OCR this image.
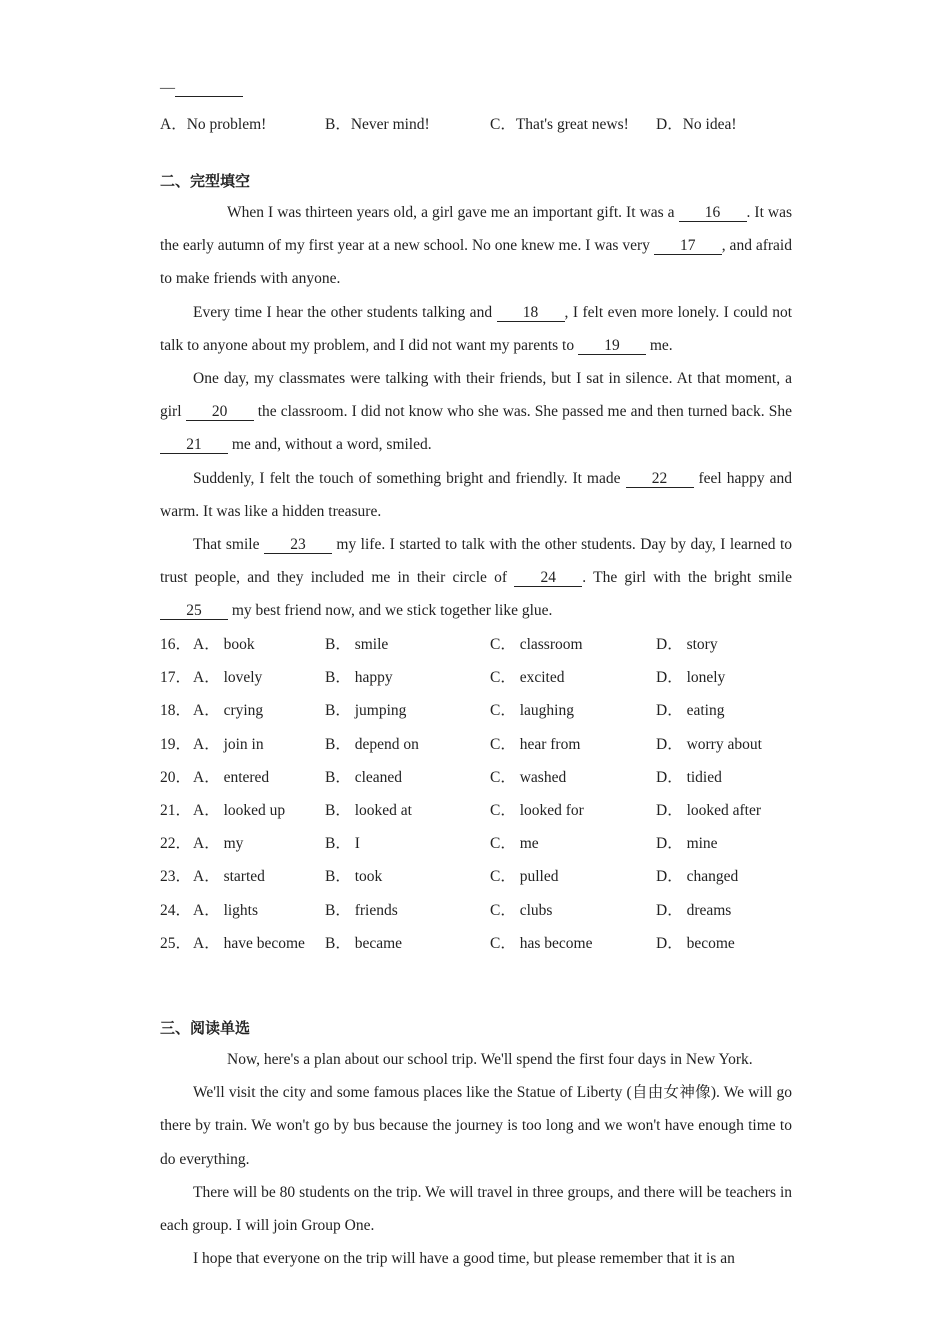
—
A．No problem!	B．Never mind!	C．That's great news! D．No idea!
二、完型填空

When I was thirteen years old, a girl gave me an important gift. It was a 16 . It was the early autumn of my first year at a new school. No one knew me. I was very 17 , and afraid to make friends with anyone.

Every time I hear the other students talking and 18 , I felt even more lonely. I could not talk to anyone about my problem, and I did not want my parents to 19 me.

One day, my classmates were talking with their friends, but I sat in silence. At that moment, a girl 20 the classroom. I did not know who she was. She passed me and then turned back. She 21 me and, without a word, smiled.

Suddenly, I felt the touch of something bright and friendly. It made 22 feel happy and warm. It was like a hidden treasure.

That smile 23 my life. I started to talk with the other students. Day by day, I learned to trust people, and they included me in their circle of 24 . The girl with the bright smile 25 my best friend now, and we stick together like glue.

16． A． book	B． smile	C． classroom	D． story
17． A． lovely	B． happy	C． excited	D． lonely
18． A． crying	B． jumping	C． laughing	D． eating
19． A． join in	B． depend on	C． hear from	D． worry about
20． A． entered	B． cleaned	C． washed	D． tidied
21． A． looked up	B． looked at	C． looked for	D． looked after
22． A． my	B． I	C． me	D． mine
23． A． started	B． took	C． pulled	D． changed
24． A． lights	B． friends	C． clubs	D． dreams
25． A． have become B． became	C． has become	D． become
三、阅读单选

Now, here's a plan about our school trip. We'll spend the first four days in New York.

We'll visit the city and some famous places like the Statue of Liberty (自由女神像). We will go there by train. We won't go by bus because the journey is too long and we won't have enough time to do everything.

There will be 80 students on the trip. We will travel in three groups, and there will be teachers in each group. I will join Group One.

I hope that everyone on the trip will have a good time, but please remember that it is an
